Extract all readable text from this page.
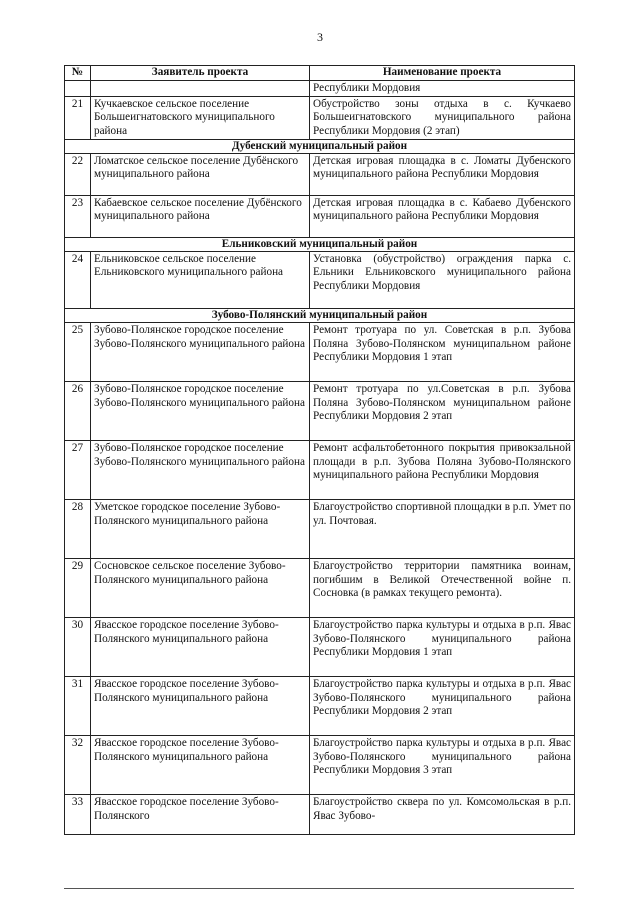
3
№	Заявитель проекта	Наименование проекта
		Республики Мордовия
21	Кучкаевское сельское поселение Большеигнатовского муниципального района	Обустройство зоны отдыха в с. Кучкаево Большеигнатовского муниципального района Республики Мордовия (2 этап)
Дубенский муниципальный район		
22	Ломатское сельское поселение Дубёнского муниципального района	Детская игровая площадка в с. Ломаты Дубенского муниципального района Республики Мордовия
23	Кабаевское сельское поселение Дубёнского муниципального района	Детская игровая площадка в с. Кабаево Дубенского муниципального района Республики Мордовия
Ельниковский муниципальный район		
24	Ельниковское сельское поселение Ельниковского муниципального района	Установка (обустройство) ограждения парка с. Ельники Ельниковского муниципального района Республики Мордовия
Зубово-Полянский муниципальный район		
25	Зубово-Полянское городское поселение Зубово-Полянского муниципального района	Ремонт тротуара по ул. Советская в р.п. Зубова Поляна Зубово-Полянском муниципальном районе Республики Мордовия 1 этап
26	Зубово-Полянское городское поселение Зубово-Полянского муниципального района	Ремонт тротуара по ул.Советская в р.п. Зубова Поляна Зубово-Полянском муниципальном районе Республики Мордовия 2 этап
27	Зубово-Полянское городское поселение Зубово-Полянского муниципального района	Ремонт асфальтобетонного покрытия привокзальной площади в р.п. Зубова Поляна Зубово-Полянского муниципального района Республики Мордовия
28	Уметское городское поселение Зубово-Полянского муниципального района	Благоустройство спортивной площадки в р.п. Умет по ул. Почтовая.
29	Сосновское сельское поселение Зубово-Полянского муниципального района	Благоустройство территории памятника воинам, погибшим в Великой Отечественной войне п. Сосновка (в рамках текущего ремонта).
30	Явасское городское поселение Зубово-Полянского муниципального района	Благоустройство парка культуры и отдыха в р.п. Явас Зубово-Полянского муниципального района Республики Мордовия 1 этап
31	Явасское городское поселение Зубово-Полянского муниципального района	Благоустройство парка культуры и отдыха в р.п. Явас Зубово-Полянского муниципального района Республики Мордовия 2 этап
32	Явасское городское поселение Зубово-Полянского муниципального района	Благоустройство парка культуры и отдыха в р.п. Явас Зубово-Полянского муниципального района Республики Мордовия 3 этап
33	Явасское городское поселение Зубово-Полянского	Благоустройство сквера по ул. Комсомольская в р.п. Явас Зубово-
